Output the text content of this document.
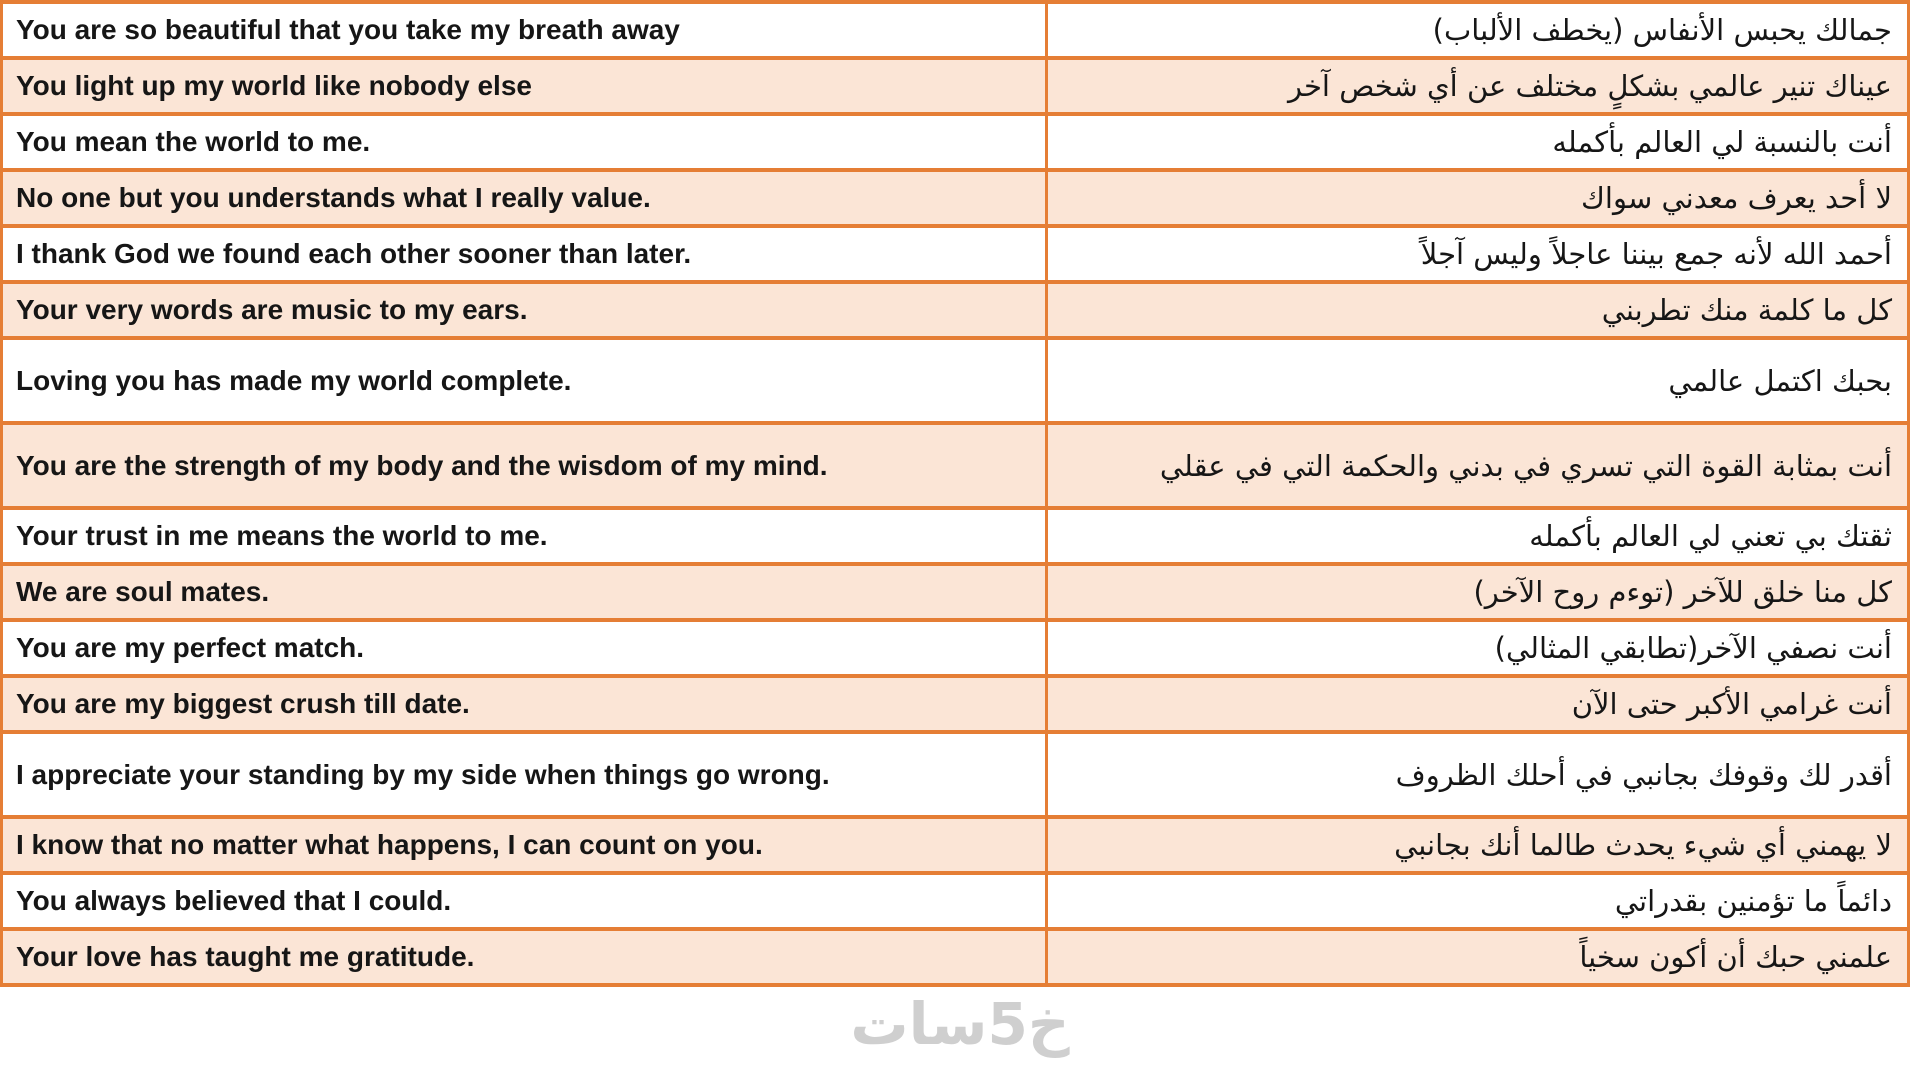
You are so beautiful that you take my breath away	جمالك يحبس الأنفاس (يخطف الألباب)
You light up my world like nobody else	عيناك تنير عالمي بشكلٍ مختلف عن أي شخص آخر
You mean the world to me.	أنت بالنسبة لي العالم بأكمله
No one but you understands what I really value.	لا أحد يعرف معدني سواك
I thank God we found each other sooner than later.	أحمد الله لأنه جمع بيننا عاجلاً وليس آجلاً
Your very words are music to my ears.	كل ما كلمة منك تطربني
Loving you has made my world complete.	بحبك اكتمل عالمي
You are the strength of my body and the wisdom of my mind.	أنت بمثابة القوة التي تسري في بدني والحكمة التي في عقلي
Your trust in me means the world to me.	ثقتك بي تعني لي العالم بأكمله
We are soul mates.	كل منا خلق للآخر (توءم روح الآخر)
You are my perfect match.	أنت نصفي الآخر(تطابقي المثالي)
You are my biggest crush till date.	أنت غرامي الأكبر حتى الآن
I appreciate your standing by my side when things go wrong.	أقدر لك وقوفك بجانبي في أحلك الظروف
I know that no matter what happens, I can count on you.	لا يهمني أي شيء يحدث طالما أنك بجانبي
You always believed that I could.	دائماً ما تؤمنين بقدراتي
Your love has taught me gratitude.	علمني حبك أن أكون سخياً
خ5سات
